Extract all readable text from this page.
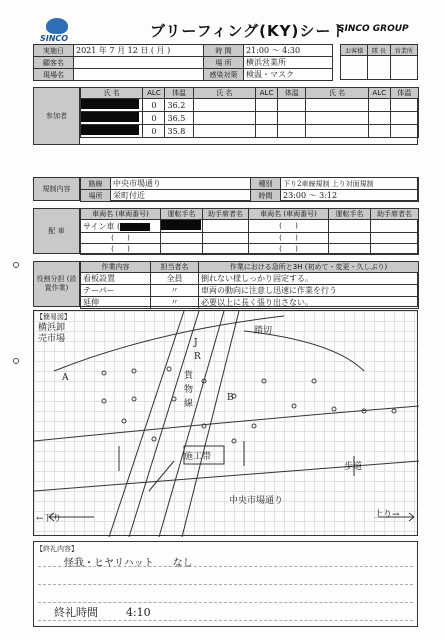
SINCO	ブリーフィング(KY)シート
SINCO GROUP
実施日	2021 年 7 月 12 日 ( 月 )	時 間	21:00 〜 4:30
顧客名		場 所	横浜営業所
現場名		感染対策	検温・マスク
お客様	隊 長	営業所

参加者
氏 名	ALC	体温	氏 名	ALC	体温	氏 名	ALC	体温
	0	36.2						
	0	36.5						
	0	35.8						
規制内容
路線	中央市場通り	種別	下り2車線規制 上り対面規制
場所	栄町付近	時間	23:00 〜 3:12
配 車
車両名 (車両番号)	運転手名	助手席者名	車両名 (車両番号)	運転手名	助手席者名
サイン車 (			( )		
( )			( )		
( )			( )		
役割分担 (設置作業)
作業内容	担当者名	作業における急所と3H (初めて・変更・久しぶり)
看板設置	全員	倒れない様しっかり固定する。
テーパー	〃	車両の動向に注意し迅速に作業を行う
延伸	〃	必要以上に長く張り出さない。
【簡易図】
横浜卸売市場
踏切
J R
貨物線
B
施工帯
歩道
中央市場通り
←下り	上り→
A
【終礼内容】
怪我・ヒヤリハット      なし
終礼時間        4:10
